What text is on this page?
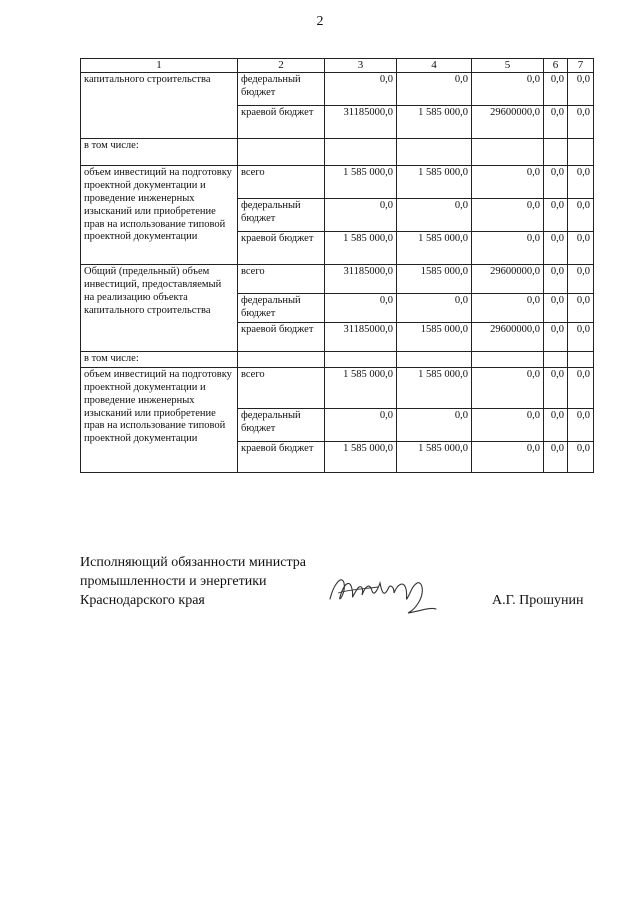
2
1	2	3	4	5	6	7
капитального строительства	федеральный бюджет	0,0	0,0	0,0	0,0	0,0
	краевой бюджет	31185000,0	1 585 000,0	29600000,0	0,0	0,0
в том числе:						
объем инвестиций на подготовку проектной документации и проведение инженерных изысканий или приобретение прав на использование типовой проектной документации	всего	1 585 000,0	1 585 000,0	0,0	0,0	0,0
	федеральный бюджет	0,0	0,0	0,0	0,0	0,0
	краевой бюджет	1 585 000,0	1 585 000,0	0,0	0,0	0,0
Общий (предельный) объем инвестиций, предоставляемый на реализацию объекта капитального строительства	всего	31185000,0	1585 000,0	29600000,0	0,0	0,0
	федеральный бюджет	0,0	0,0	0,0	0,0	0,0
	краевой бюджет	31185000,0	1585 000,0	29600000,0	0,0	0,0
в том числе:						
объем инвестиций на подготовку проектной документации и проведение инженерных изысканий или приобретение прав на использование типовой проектной документации	всего	1 585 000,0	1 585 000,0	0,0	0,0	0,0
	федеральный бюджет	0,0	0,0	0,0	0,0	0,0
	краевой бюджет	1 585 000,0	1 585 000,0	0,0	0,0	0,0
Исполняющий обязанности министра
промышленности и энергетики
Краснодарского края	А.Г. Прошунин
